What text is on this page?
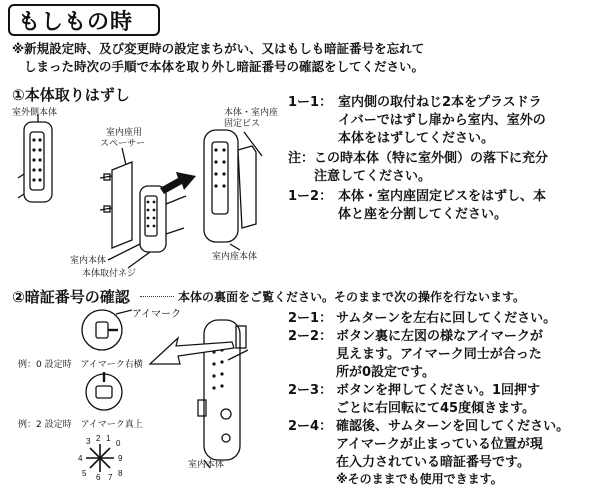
もしもの時
※新規設定時、及び変更時の設定まちがい、又はもしも暗証番号を忘れて
しまった時次の手順で本体を取り外し暗証番号の確認をしてください。
①本体取りはずし
室外側本体
室内座用
スペーサー
本体・室内座
固定ビス
室内本体
本体取付ネジ
室内座本体
1ー1： 室内側の取付ねじ2本をプラスドラ
イバーではずし扉から室内、室外の
本体をはずしてください。
注： この時本体（特に室外側）の落下に充分
注意してください。
1ー2： 本体・室内座固定ビスをはずし、本
体と座を分割してください。
②暗証番号の確認	本体の裏面をご覧ください。そのままで次の操作を行ないます。
アイマーク
例：0 設定時　アイマーク右横
例：2 設定時　アイマーク真上
室内本体
3 2 1
0
4	9
5 6 7 8
2ー1： サムターンを左右に回してください。
2ー2： ボタン裏に左図の様なアイマークが
見えます。アイマーク同士が合った
所が0設定です。
2ー3： ボタンを押してください。1回押す
ごとに右回転にて45度傾きます。
2ー4： 確認後、サムターンを回してください。
アイマークが止まっている位置が現
在入力されている暗証番号です。
※そのままでも使用できます。
